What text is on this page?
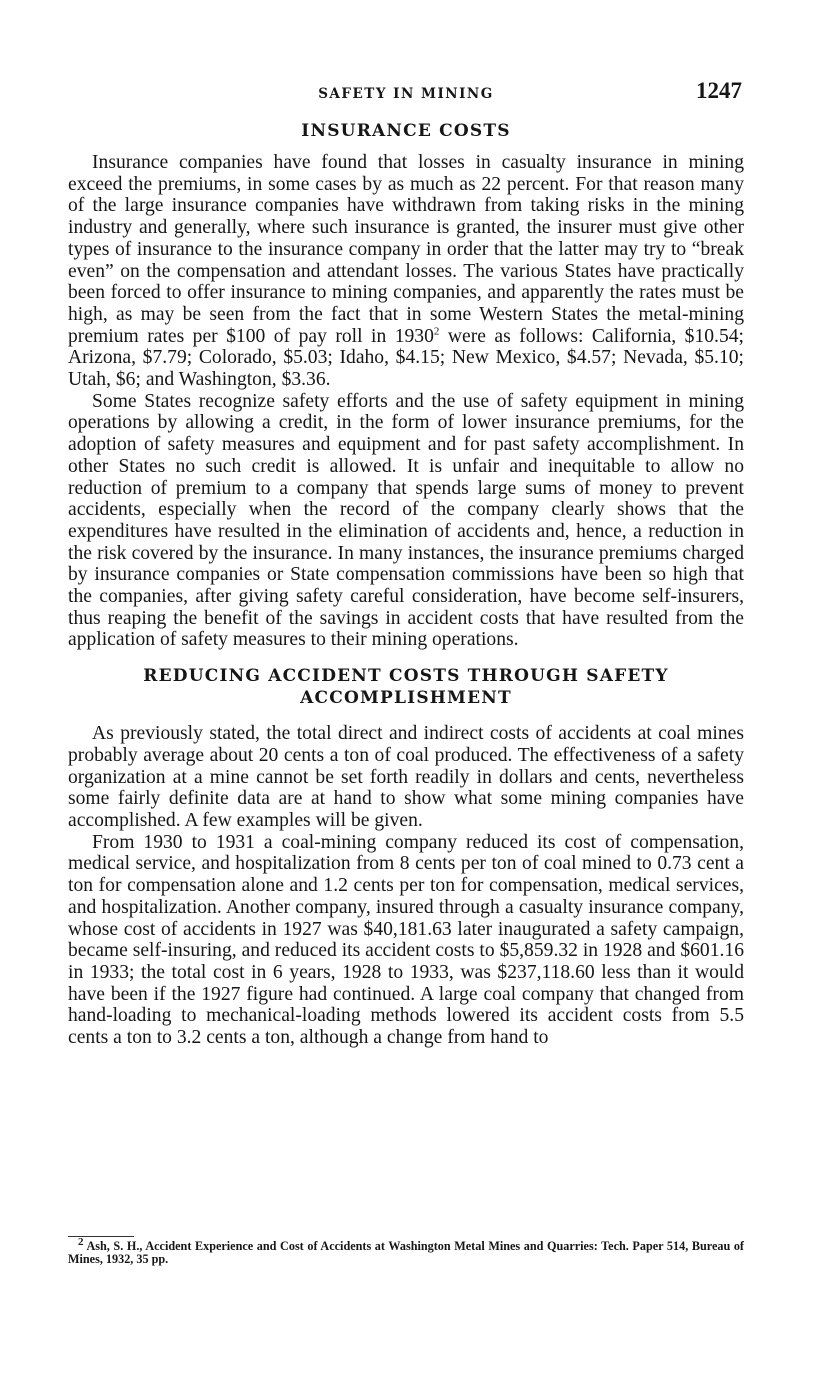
SAFETY IN MINING	1247
INSURANCE COSTS

Insurance companies have found that losses in casualty insurance in mining exceed the premiums, in some cases by as much as 22 percent. For that reason many of the large insurance companies have withdrawn from taking risks in the mining industry and generally, where such insurance is granted, the insurer must give other types of insurance to the insurance company in order that the latter may try to “break even” on the compensation and attendant losses. The various States have practically been forced to offer insurance to mining companies, and apparently the rates must be high, as may be seen from the fact that in some Western States the metal-mining premium rates per $100 of pay roll in 1930$^2$ were as follows: California, $10.54; Arizona, $7.79; Colorado, $5.03; Idaho, $4.15; New Mexico, $4.57; Nevada, $5.10; Utah, $6; and Washington, $3.36.

Some States recognize safety efforts and the use of safety equipment in mining operations by allowing a credit, in the form of lower insurance premiums, for the adoption of safety measures and equipment and for past safety accomplishment. In other States no such credit is allowed. It is unfair and inequitable to allow no reduction of premium to a company that spends large sums of money to prevent accidents, especially when the record of the company clearly shows that the expenditures have resulted in the elimination of accidents and, hence, a reduction in the risk covered by the insurance. In many instances, the insurance premiums charged by insurance companies or State compensation commissions have been so high that the companies, after giving safety careful consideration, have become self-insurers, thus reaping the benefit of the savings in accident costs that have resulted from the application of safety measures to their mining operations.

REDUCING ACCIDENT COSTS THROUGH SAFETY
ACCOMPLISHMENT

As previously stated, the total direct and indirect costs of accidents at coal mines probably average about 20 cents a ton of coal produced. The effectiveness of a safety organization at a mine cannot be set forth readily in dollars and cents, nevertheless some fairly definite data are at hand to show what some mining companies have accomplished. A few examples will be given.

From 1930 to 1931 a coal-mining company reduced its cost of compensation, medical service, and hospitalization from 8 cents per ton of coal mined to 0.73 cent a ton for compensation alone and 1.2 cents per ton for compensation, medical services, and hospitalization. Another company, insured through a casualty insurance company, whose cost of accidents in 1927 was $40,181.63 later inaugurated a safety campaign, became self-insuring, and reduced its accident costs to $5,859.32 in 1928 and $601.16 in 1933; the total cost in 6 years, 1928 to 1933, was $237,118.60 less than it would have been if the 1927 figure had continued. A large coal company that changed from hand-loading to mechanical-loading methods lowered its accident costs from 5.5 cents a ton to 3.2 cents a ton, although a change from hand to

$^2$ Ash, S. H., Accident Experience and Cost of Accidents at Washington Metal Mines and Quarries: Tech. Paper 514, Bureau of Mines, 1932, 35 pp.
